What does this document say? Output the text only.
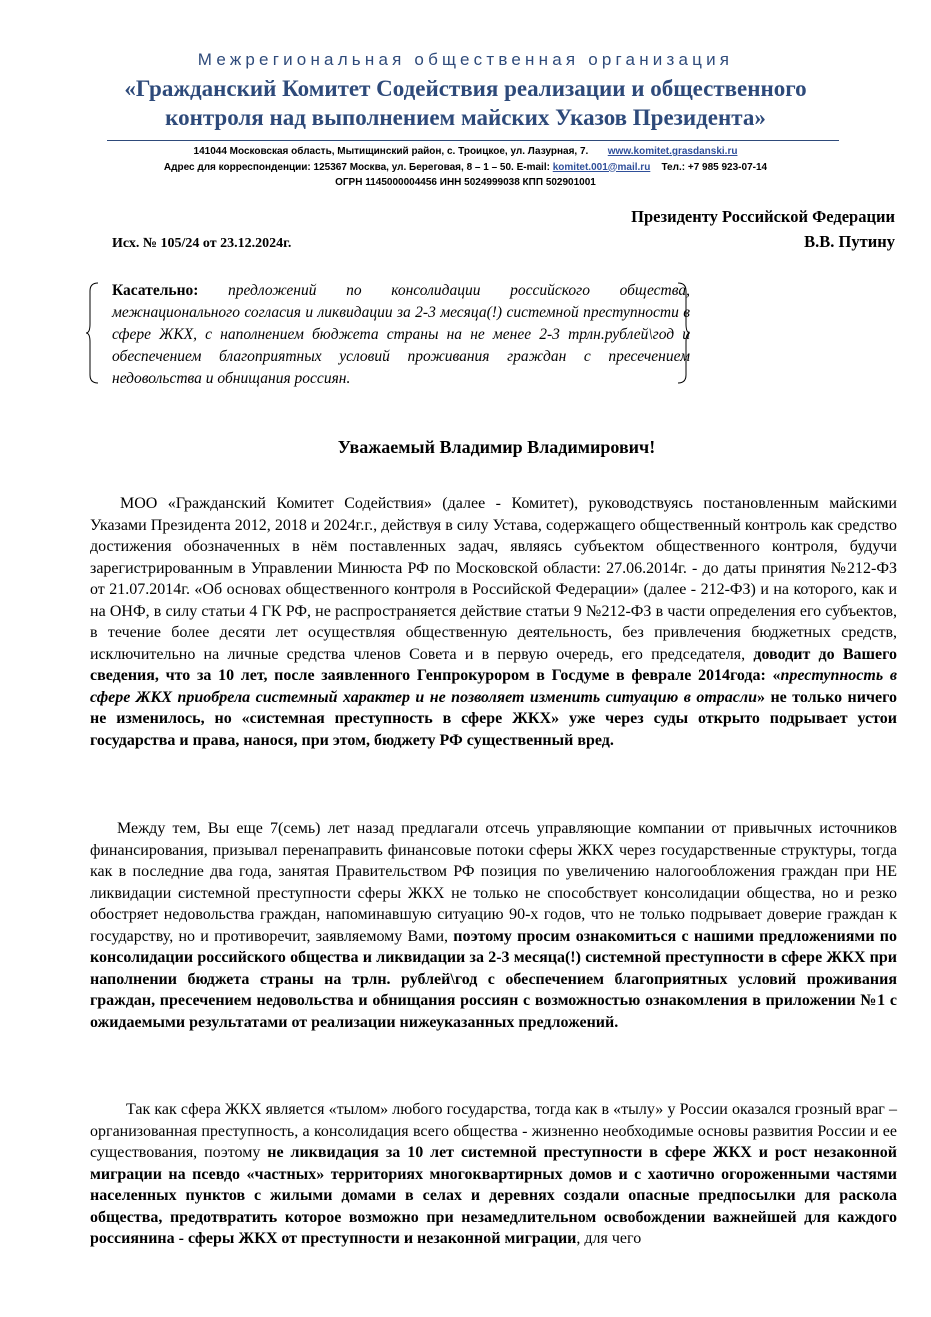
Межрегиональная общественная организация
«Гражданский Комитет Содействия реализации и общественного
контроля над выполнением майских Указов Президента»
141044 Московская область, Мытищинский район, с. Троицкое, ул. Лазурная, 7. www.komitet.grasdanski.ru
Адрес для корреспонденции: 125367 Москва, ул. Береговая, 8 – 1 – 50. E-mail: komitet.001@mail.ru Тел.: +7 985 923-07-14
ОГРН 1145000004456 ИНН 5024999038 КПП 502901001
Президенту Российской Федерации
В.В. Путину
Исх. № 105/24 от 23.12.2024г.
Касательно: предложений по консолидации российского общества, межнационального согласия и ликвидации за 2-3 месяца(!) системной преступности в сфере ЖКХ, с наполнением бюджета страны на не менее 2-3 трлн.рублей\год и обеспечением благоприятных условий проживания граждан с пресечением недовольства и обнищания россиян.
Уважаемый Владимир Владимирович!
МОО «Гражданский Комитет Содействия» (далее - Комитет), руководствуясь постановленным майскими Указами Президента 2012, 2018 и 2024г.г., действуя в силу Устава, содержащего общественный контроль как средство достижения обозначенных в нём поставленных задач, являясь субъектом общественного контроля, будучи зарегистрированным в Управлении Минюста РФ по Московской области: 27.06.2014г. - до даты принятия №212-ФЗ от 21.07.2014г. «Об основах общественного контроля в Российской Федерации» (далее - 212-ФЗ) и на которого, как и на ОНФ, в силу статьи 4 ГК РФ, не распространяется действие статьи 9 №212-ФЗ в части определения его субъектов, в течение более десяти лет осуществляя общественную деятельность, без привлечения бюджетных средств, исключительно на личные средства членов Совета и в первую очередь, его председателя, доводит до Вашего сведения, что за 10 лет, после заявленного Генпрокурором в Госдуме в феврале 2014года: «преступность в сфере ЖКХ приобрела системный характер и не позволяет изменить ситуацию в отрасли» не только ничего не изменилось, но «системная преступность в сфере ЖКХ» уже через суды открыто подрывает устои государства и права, нанося, при этом, бюджету РФ существенный вред.
Между тем, Вы еще 7(семь) лет назад предлагали отсечь управляющие компании от привычных источников финансирования, призывал перенаправить финансовые потоки сферы ЖКХ через государственные структуры, тогда как в последние два года, занятая Правительством РФ позиция по увеличению налогообложения граждан при НЕ ликвидации системной преступности сферы ЖКХ не только не способствует консолидации общества, но и резко обостряет недовольства граждан, напоминавшую ситуацию 90-х годов, что не только подрывает доверие граждан к государству, но и противоречит, заявляемому Вами, поэтому просим ознакомиться с нашими предложениями по консолидации российского общества и ликвидации за 2-3 месяца(!) системной преступности в сфере ЖКХ при наполнении бюджета страны на трлн. рублей\год с обеспечением благоприятных условий проживания граждан, пресечением недовольства и обнищания россиян с возможностью ознакомления в приложении №1 с ожидаемыми результатами от реализации нижеуказанных предложений.
Так как сфера ЖКХ является «тылом» любого государства, тогда как в «тылу» у России оказался грозный враг – организованная преступность, а консолидация всего общества - жизненно необходимые основы развития России и ее существования, поэтому не ликвидация за 10 лет системной преступности в сфере ЖКХ и рост незаконной миграции на псевдо «частных» территориях многоквартирных домов и с хаотично огороженными частями населенных пунктов с жилыми домами в селах и деревнях создали опасные предпосылки для раскола общества, предотвратить которое возможно при незамедлительном освобождении важнейшей для каждого россиянина - сферы ЖКХ от преступности и незаконной миграции, для чего
